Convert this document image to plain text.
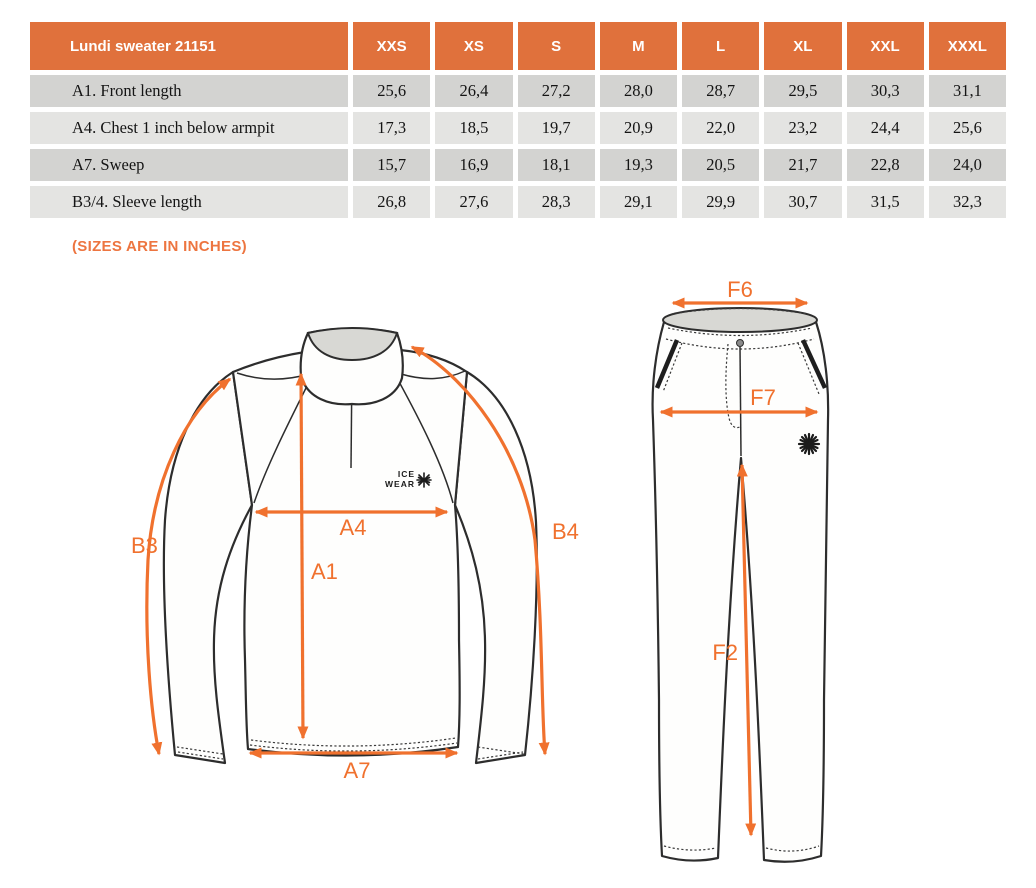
Lundi sweater 21151	XXS	XS	S	M	L	XL	XXL	XXXL
A1. Front length	25,6	26,4	27,2	28,0	28,7	29,5	30,3	31,1
A4. Chest 1 inch below armpit	17,3	18,5	19,7	20,9	22,0	23,2	24,4	25,6
A7. Sweep	15,7	16,9	18,1	19,3	20,5	21,7	22,8	24,0
B3/4. Sleeve length	26,8	27,6	28,3	29,1	29,9	30,7	31,5	32,3
(SIZES ARE IN INCHES)
ICE
WEAR
A4
A1
A7
B3
B4
F6
F7
F2
